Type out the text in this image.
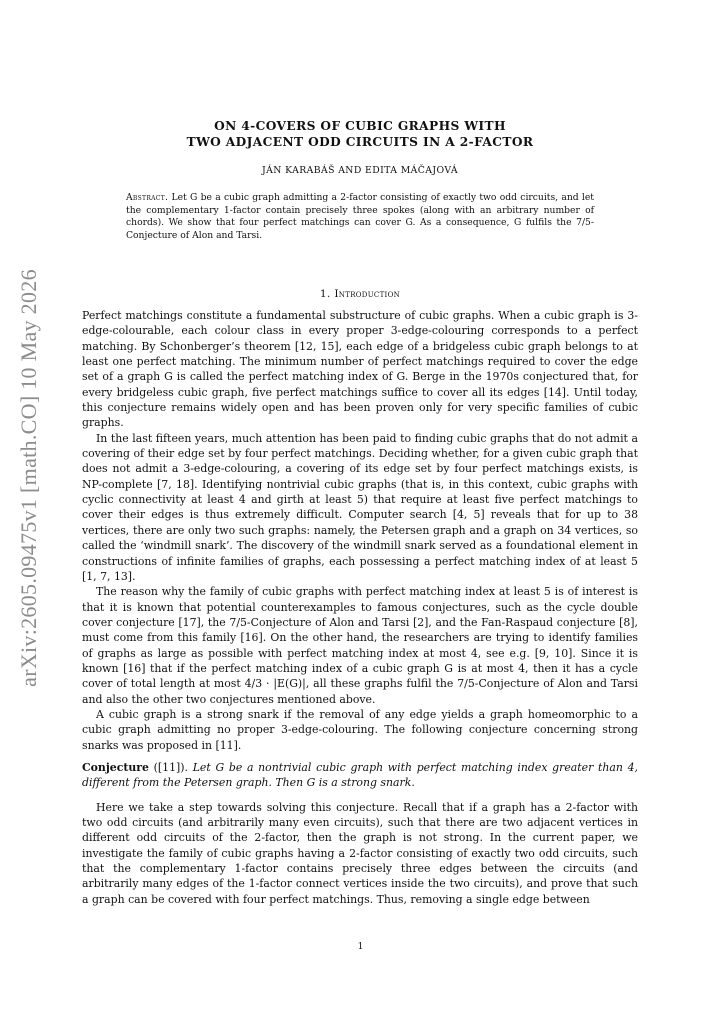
arXiv:2605.09475v1 [math.CO] 10 May 2026

ON 4-COVERS OF CUBIC GRAPHS WITH

TWO ADJACENT ODD CIRCUITS IN A 2-FACTOR

JÁN KARABÁŠ AND EDITA MÁČAJOVÁ
Abstract. Let G be a cubic graph admitting a 2-factor consisting of exactly two odd circuits, and let the complementary 1-factor contain precisely three spokes (along with an arbitrary number of chords). We show that four perfect matchings can cover G. As a consequence, G fulfils the 7/5-Conjecture of Alon and Tarsi.
1. Introduction

Perfect matchings constitute a fundamental substructure of cubic graphs. When a cubic graph is 3-edge-colourable, each colour class in every proper 3-edge-colouring corresponds to a perfect matching. By Schonberger’s theorem [12, 15], each edge of a bridgeless cubic graph belongs to at least one perfect matching. The minimum number of perfect matchings required to cover the edge set of a graph G is called the perfect matching index of G. Berge in the 1970s conjectured that, for every bridgeless cubic graph, five perfect matchings suffice to cover all its edges [14]. Until today, this conjecture remains widely open and has been proven only for very specific families of cubic graphs.

In the last fifteen years, much attention has been paid to finding cubic graphs that do not admit a covering of their edge set by four perfect matchings. Deciding whether, for a given cubic graph that does not admit a 3-edge-colouring, a covering of its edge set by four perfect matchings exists, is NP-complete [7, 18]. Identifying nontrivial cubic graphs (that is, in this context, cubic graphs with cyclic connectivity at least 4 and girth at least 5) that require at least five perfect matchings to cover their edges is thus extremely difficult. Computer search [4, 5] reveals that for up to 38 vertices, there are only two such graphs: namely, the Petersen graph and a graph on 34 vertices, so called the ‘windmill snark’. The discovery of the windmill snark served as a foundational element in constructions of infinite families of graphs, each possessing a perfect matching index of at least 5 [1, 7, 13].

The reason why the family of cubic graphs with perfect matching index at least 5 is of interest is that it is known that potential counterexamples to famous conjectures, such as the cycle double cover conjecture [17], the 7/5-Conjecture of Alon and Tarsi [2], and the Fan-Raspaud conjecture [8], must come from this family [16]. On the other hand, the researchers are trying to identify families of graphs as large as possible with perfect matching index at most 4, see e.g. [9, 10]. Since it is known [16] that if the perfect matching index of a cubic graph G is at most 4, then it has a cycle cover of total length at most 4/3 · |E(G)|, all these graphs fulfil the 7/5-Conjecture of Alon and Tarsi and also the other two conjectures mentioned above.

A cubic graph is a strong snark if the removal of any edge yields a graph homeomorphic to a cubic graph admitting no proper 3-edge-colouring. The following conjecture concerning strong snarks was proposed in [11].

Conjecture ([11]). Let G be a nontrivial cubic graph with perfect matching index greater than 4, different from the Petersen graph. Then G is a strong snark.

Here we take a step towards solving this conjecture. Recall that if a graph has a 2-factor with two odd circuits (and arbitrarily many even circuits), such that there are two adjacent vertices in different odd circuits of the 2-factor, then the graph is not strong. In the current paper, we investigate the family of cubic graphs having a 2-factor consisting of exactly two odd circuits, such that the complementary 1-factor contains precisely three edges between the circuits (and arbitrarily many edges of the 1-factor connect vertices inside the two circuits), and prove that such a graph can be covered with four perfect matchings. Thus, removing a single edge between

1
